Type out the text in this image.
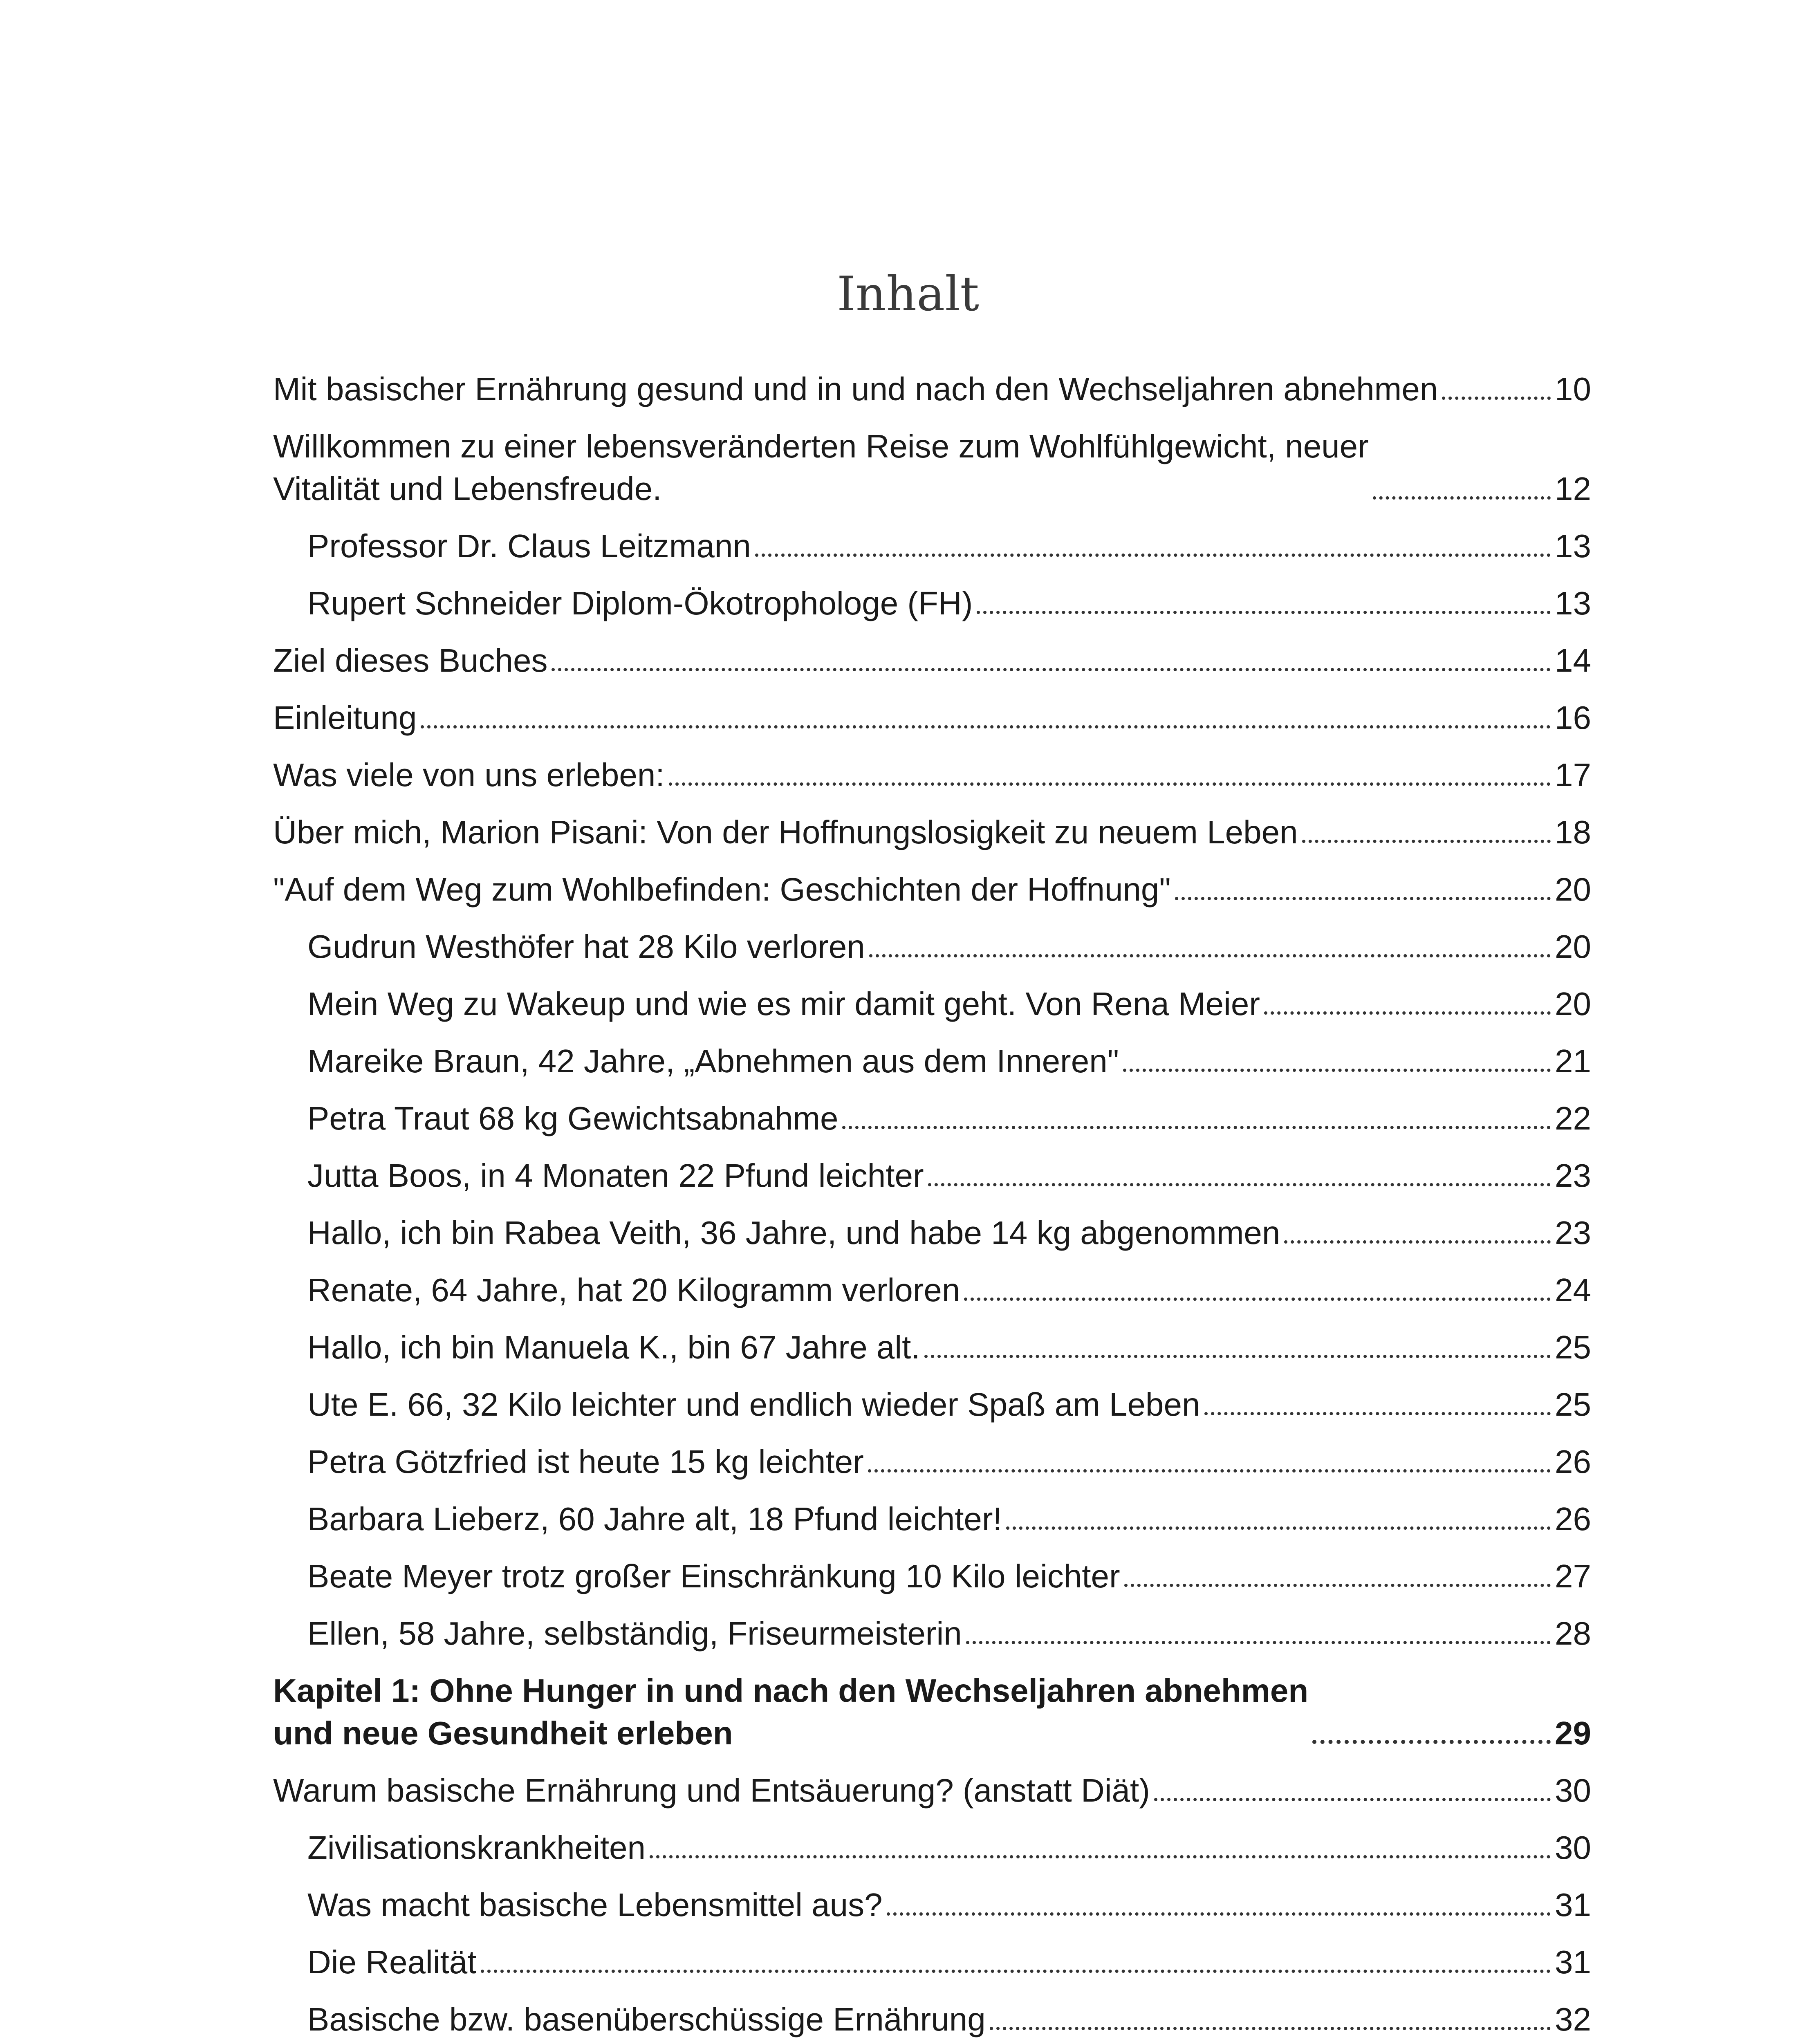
Inhalt
Mit basischer Ernährung gesund und in und nach den Wechseljahren abnehmen	10
Willkommen zu einer lebensveränderten Reise zum Wohlfühlgewicht, neuer
Vitalität und Lebensfreude.	12
Professor Dr. Claus Leitzmann	13
Rupert Schneider Diplom-Ökotrophologe (FH)	13
Ziel dieses Buches	14
Einleitung	16
Was viele von uns erleben:	17
Über mich, Marion Pisani: Von der Hoffnungslosigkeit zu neuem Leben	18
"Auf dem Weg zum Wohlbefinden: Geschichten der Hoffnung"	20
Gudrun Westhöfer hat 28 Kilo verloren	20
Mein Weg zu Wakeup und wie es mir damit geht. Von Rena Meier	20
Mareike Braun, 42 Jahre, „Abnehmen aus dem Inneren"	21
Petra Traut 68 kg Gewichtsabnahme	22
Jutta Boos, in 4 Monaten 22 Pfund leichter	23
Hallo, ich bin Rabea Veith, 36 Jahre, und habe 14 kg abgenommen	23
Renate, 64 Jahre, hat 20 Kilogramm verloren	24
Hallo, ich bin Manuela K., bin 67 Jahre alt.	25
Ute E. 66, 32 Kilo leichter und endlich wieder Spaß am Leben	25
Petra Götzfried ist heute 15 kg leichter	26
Barbara Lieberz, 60 Jahre alt, 18 Pfund leichter!	26
Beate Meyer trotz großer Einschränkung 10 Kilo leichter	27
Ellen, 58 Jahre, selbständig, Friseurmeisterin	28
Kapitel 1: Ohne Hunger in und nach den Wechseljahren abnehmen
und neue Gesundheit erleben	29
Warum basische Ernährung und Entsäuerung? (anstatt Diät)	30
Zivilisationskrankheiten	30
Was macht basische Lebensmittel aus?	31
Die Realität	31
Basische bzw. basenüberschüssige Ernährung	32
